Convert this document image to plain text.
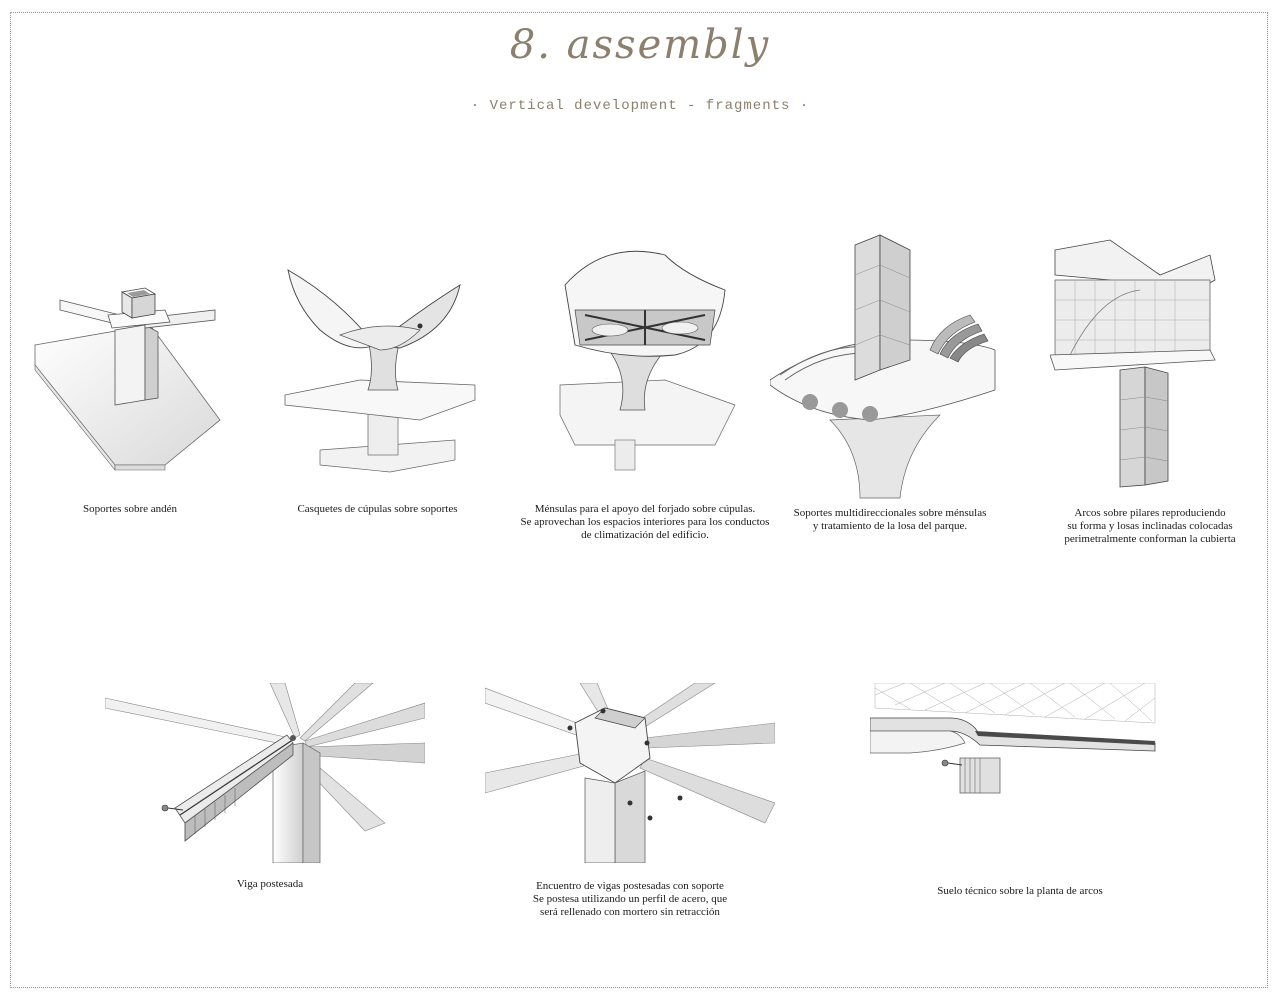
8. assembly
· Vertical development - fragments ·
Soportes sobre andén	Casquetes de cúpulas sobre soportes	Ménsulas para el apoyo del forjado sobre cúpulas.
Se aprovechan los espacios interiores para los conductos
de climatización del edificio.
Soportes multidireccionales sobre ménsulas
y tratamiento de la losa del parque.
Arcos sobre pilares reproduciendo
su forma y losas inclinadas colocadas
perimetralmente conforman la cubierta
Viga postesada	Encuentro de vigas postesadas con soporte
Se postesa utilizando un perfil de acero, que
será rellenado con mortero sin retracción
Suelo técnico sobre la planta de arcos
